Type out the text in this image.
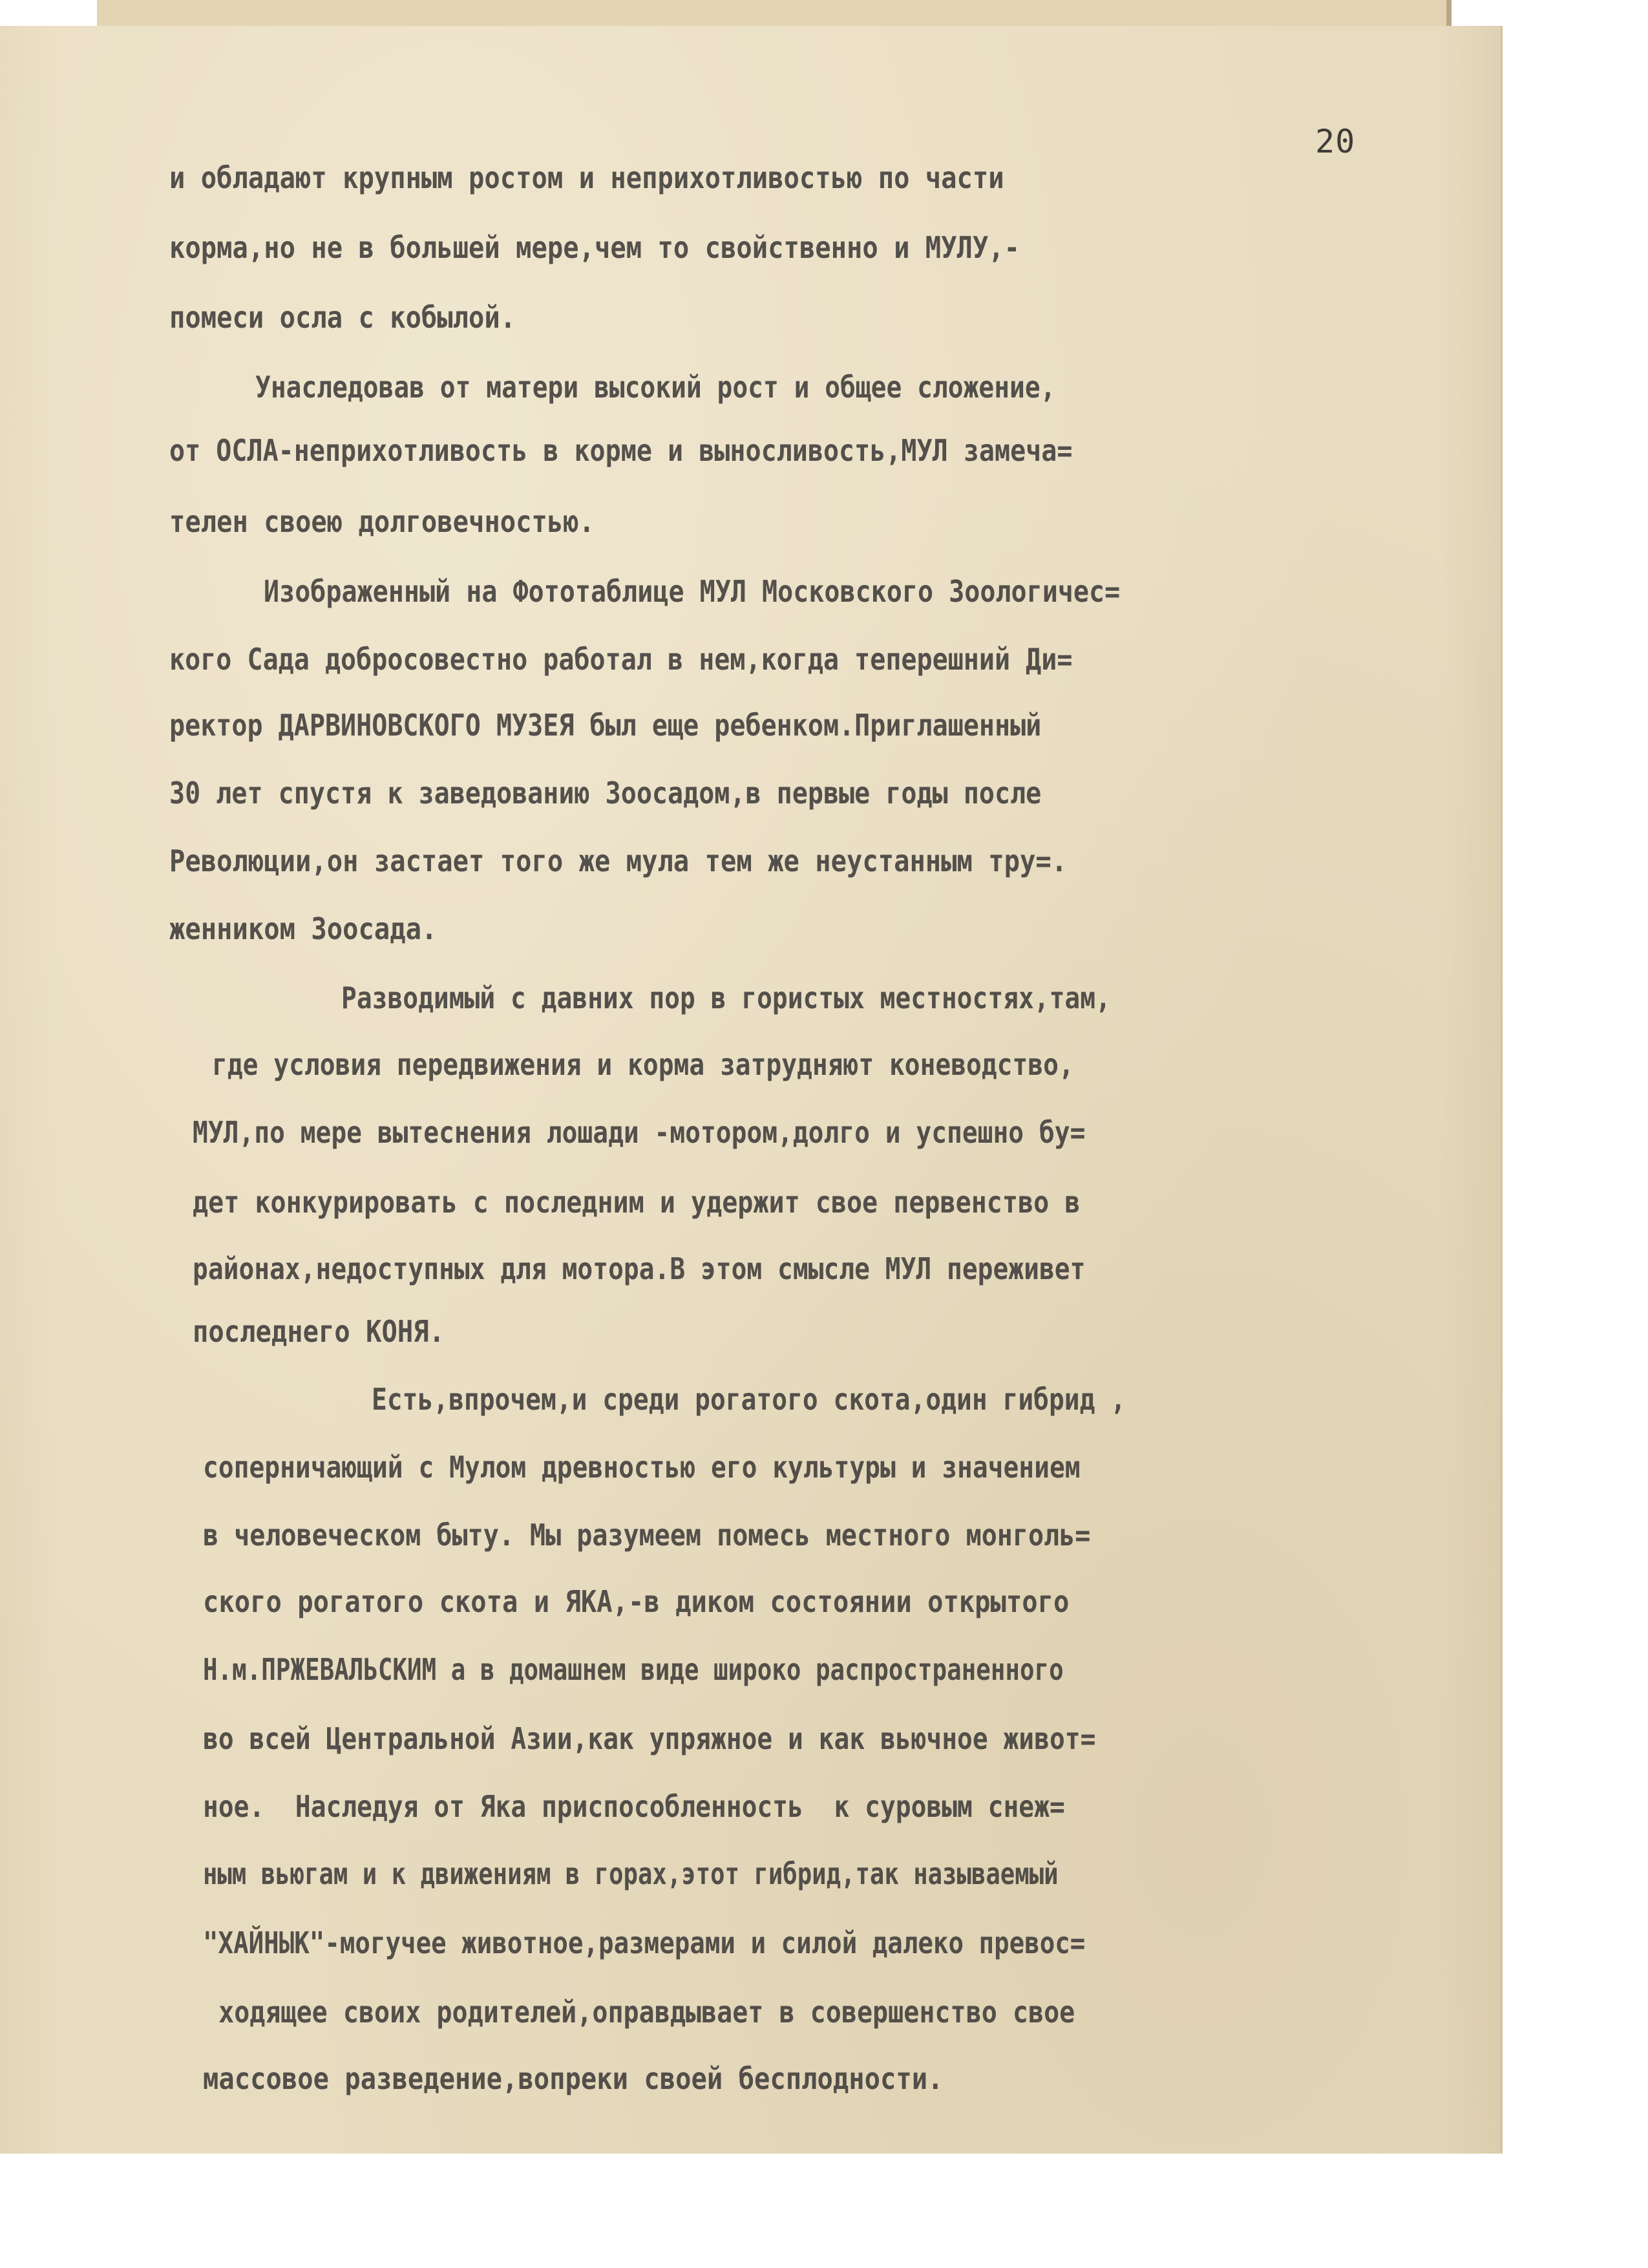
20

и обладают крупным ростом и неприхотливостью по части

корма,но не в большей мере,чем то свойственно и МУЛУ,-

помеси осла с кобылой.

Унаследовав от матери высокий рост и общее сложение,

от ОСЛА-неприхотливость в корме и выносливость,МУЛ замеча=

телен своею долговечностью.

Изображенный на Фототаблице МУЛ Московского Зоологичес=

кого Сада добросовестно работал в нем,когда теперешний Ди=

ректор ДАРВИНОВСКОГО МУЗЕЯ был еще ребенком.Приглашенный

30 лет спустя к заведованию Зоосадом,в первые годы после

Революции,он застает того же мула тем же неустанным тру=.

женником Зоосада.

Разводимый с давних пор в гористых местностях,там,

где условия передвижения и корма затрудняют коневодство,

МУЛ,по мере вытеснения лошади -мотором,долго и успешно бу=

дет конкурировать с последним и удержит свое первенство в

районах,недоступных для мотора.В этом смысле МУЛ переживет

последнего КОНЯ.

Есть,впрочем,и среди рогатого скота,один гибрид ,

соперничающий с Мулом древностью его культуры и значением

в человеческом быту. Мы разумеем помесь местного монголь=

ского рогатого скота и ЯКА,-в диком состоянии открытого

Н.м.ПРЖЕВАЛЬСКИМ а в домашнем виде широко распространенного

во всей Центральной Азии,как упряжное и как вьючное живот=

ное.  Наследуя от Яка приспособленность  к суровым снеж=

ным вьюгам и к движениям в горах,этот гибрид,так называемый

"ХАЙНЫК"-могучее животное,размерами и силой далеко превос=

ходящее своих родителей,оправдывает в совершенство свое

массовое разведение,вопреки своей бесплодности.
